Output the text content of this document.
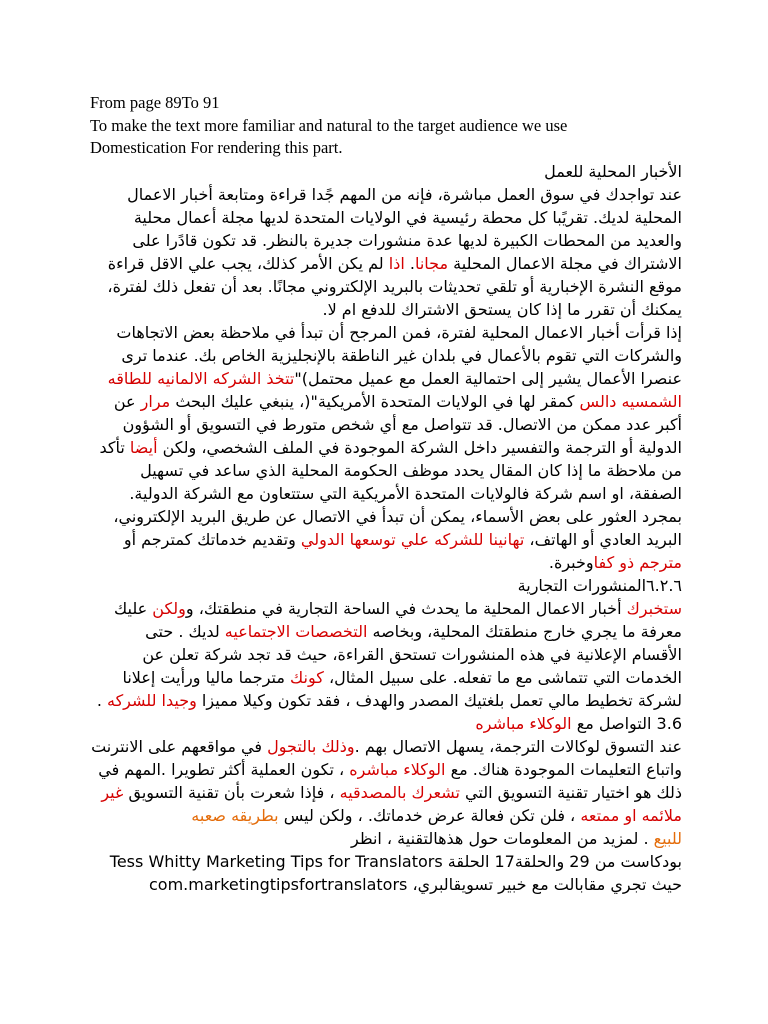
From page 89To 91
To make the text more familiar and natural to the target audience we use
Domestication For rendering this part.
الأخبار المحلية للعمل
عند تواجدك في سوق العمل مباشرة، فإنه من المهم جًدا قراءة ومتابعة أخبار الاعمال المحلية لديك. تقريًبا كل محطة رئيسية في الولايات المتحدة لديها مجلة أعمال محلية والعديد من المحطات الكبيرة لديها عدة منشورات جديرة بالنظر. قد تكون قادًرا على الاشتراك في مجلة الاعمال المحلية مجانا. اذا لم يكن الأمر كذلك، يجب علي الاقل قراءة موقع النشرة الإخبارية أو تلقي تحديثات بالبريد الإلكتروني مجانًا. بعد أن تفعل ذلك لفترة، يمكنك أن تقرر ما إذا كان يستحق الاشتراك للدفع ام لا.
إذا قرأت أخبار الاعمال المحلية لفترة، فمن المرجح أن تبدأ في ملاحظة بعض الاتجاهات والشركات التي تقوم بالأعمال في بلدان غير الناطقة بالإنجليزية الخاص بك. عندما ترى عنصرا الأعمال يشير إلى احتمالية العمل مع عميل محتمل)"تتخذ الشركه الالمانيه للطاقه الشمسيه دالس كمقر لها في الولايات المتحدة الأمريكية"(، ينبغي عليك البحث مرار عن أكبر عدد ممكن من الاتصال. قد تتواصل مع أي شخص متورط في التسويق أو الشؤون الدولية أو الترجمة والتفسير داخل الشركة الموجودة في الملف الشخصي، ولكن أيضا تأكد من ملاحظة ما إذا كان المقال يحدد موظف الحكومة المحلية الذي ساعد في تسهيل الصفقة، او اسم شركة فالولايات المتحدة الأمريكية التي ستتعاون مع الشركة الدولية. بمجرد العثور على بعض الأسماء، يمكن أن تبدأ في الاتصال عن طريق البريد الإلكتروني، البريد العادي أو الهاتف، تهانينا للشركه علي توسعها الدولي وتقديم خدماتك كمترجم أو مترجم ذو كفاوخبرة.
٦.٢.٦المنشورات التجارية
ستخبرك أخبار الاعمال المحلية ما يحدث في الساحة التجارية في منطقتك، وولكن عليك معرفة ما يجري خارج منطقتك المحلية، وبخاصه التخصصات الاجتماعيه لديك . حتى الأقسام الإعلانية في هذه المنشورات تستحق القراءة، حيث قد تجد شركة تعلن عن الخدمات التي تتماشى مع ما تفعله. على سبيل المثال، كونك مترجما ماليا ورأيت إعلانا لشركة تخطيط مالي تعمل بلغتيك المصدر والهدف ، فقد تكون وكيلا مميزا وجيدا للشركه .
3.6 التواصل مع الوكلاء مباشره
عند التسوق لوكالات الترجمة، يسهل الاتصال بهم .وذلك بالتجول في مواقعهم على الانترنت واتباع التعليمات الموجودة هناك. مع الوكلاء مباشره ، تكون العملية أكثر تطويرا .المهم في ذلك هو اختيار تقنية التسويق التي تشعرك بالمصدقيه ، فإذا شعرت بأن تقنية التسويق غير ملائمه او ممتعه ، فلن تكن فعالة عرض خدماتك. ، ولكن ليس بطريقه صعبه
للبيع . لمزيد من المعلومات حول هذهالتقنية ، انظر
بودكاست من 29 والحلقة17 الحلقة Tess Whitty Marketing Tips for Translators
حيث تجري مقابالت مع خبير تسويقالبري، com.marketingtipsfortranslators
